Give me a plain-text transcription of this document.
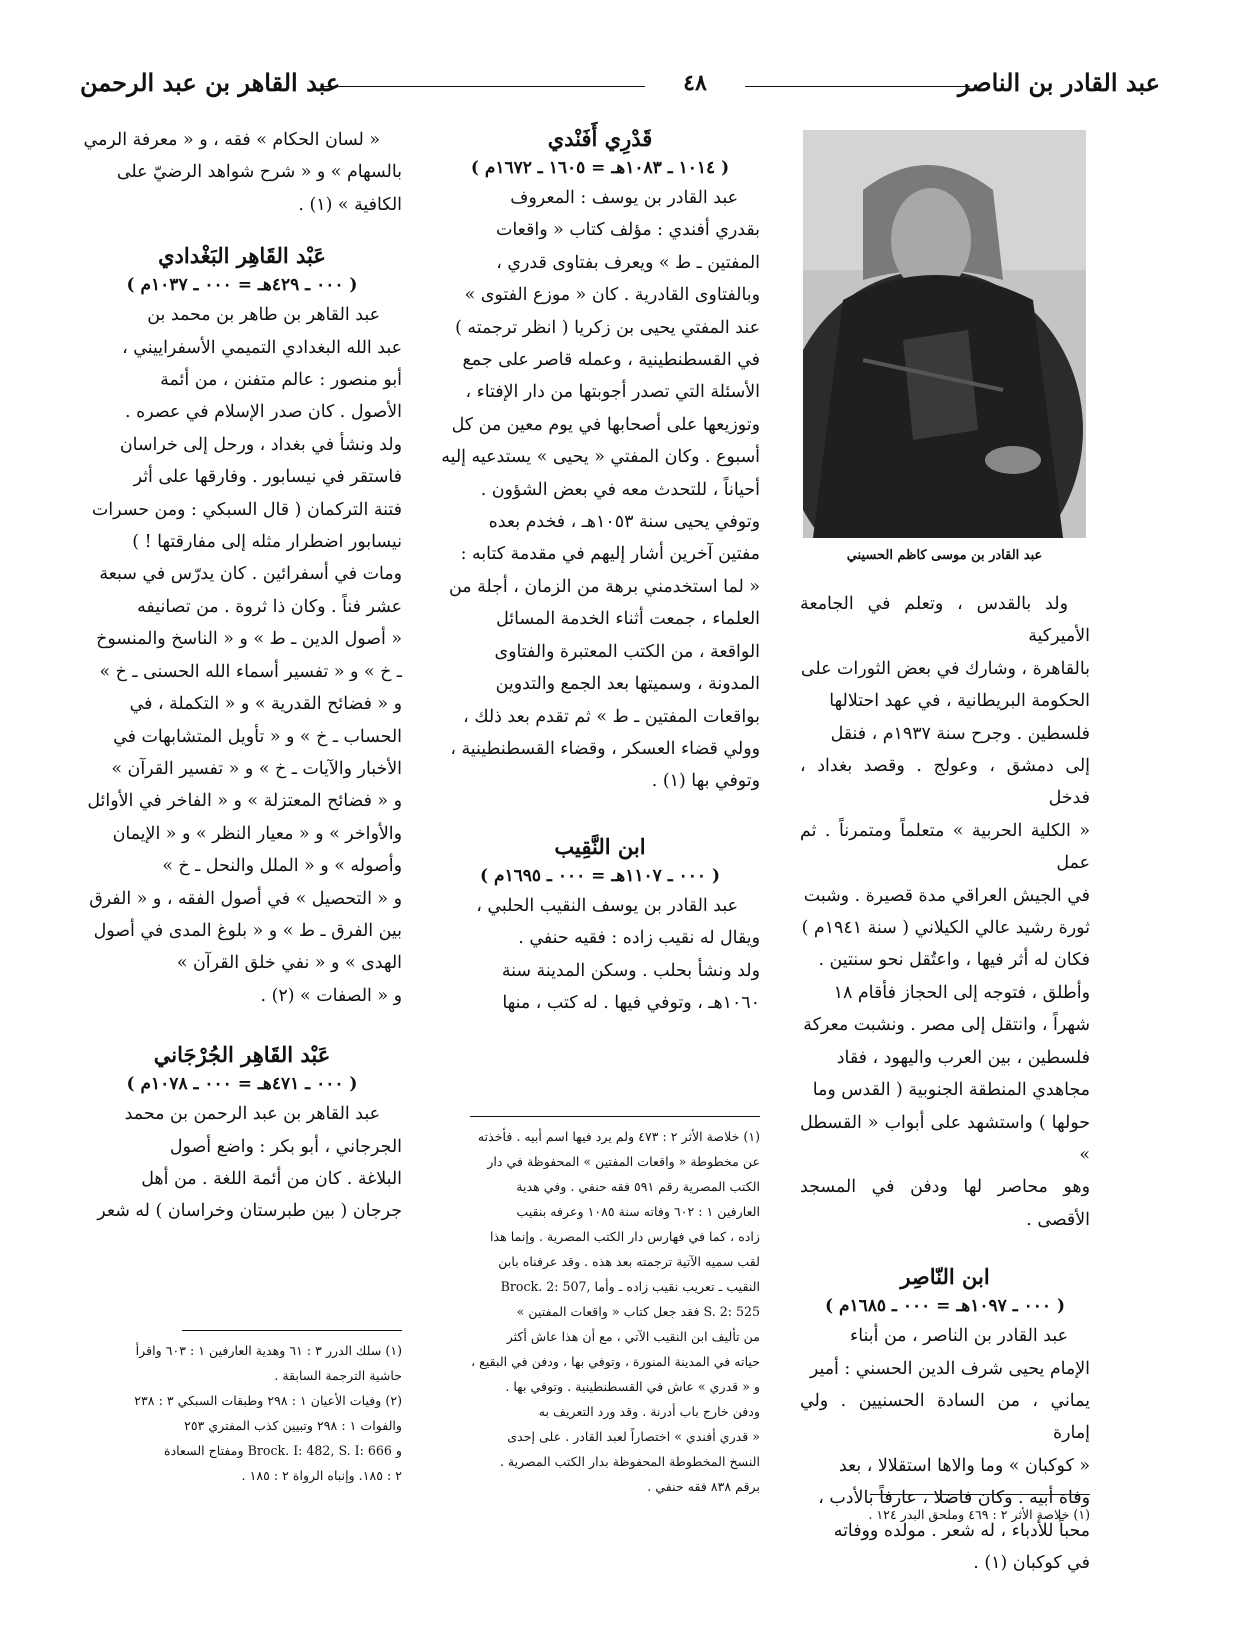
عبد القادر بن الناصر
٤٨
عبد القاهر بن عبد الرحمن
عبد القادر بن موسى كاظم الحسيني

ولد بالقدس ، وتعلم في الجامعة الأميركية

بالقاهرة ، وشارك في بعض الثورات على

الحكومة البريطانية ، في عهد احتلالها

فلسطين . وجرح سنة ١٩٣٧م ، فنقل

إلى دمشق ، وعولج . وقصد بغداد ، فدخل

« الكلية الحربية » متعلماً ومتمرناً . ثم عمل

في الجيش العراقي مدة قصيرة . وشبت

ثورة رشيد عالي الكيلاني ( سنة ١٩٤١م )

فكان له أثر فيها ، واعتُقل نحو سنتين .

وأطلق ، فتوجه إلى الحجاز فأقام ١٨

شهراً ، وانتقل إلى مصر . ونشبت معركة

فلسطين ، بين العرب واليهود ، فقاد

مجاهدي المنطقة الجنوبية ( القدس وما

حولها ) واستشهد على أبواب « القسطل »

وهو محاصر لها ودفن في المسجد الأقصى .

ابن النّاصِر

( ٠٠٠ ـ ١٠٩٧هـ = ٠٠٠ ـ ١٦٨٥م )

عبد القادر بن الناصر ، من أبناء

الإمام يحيى شرف الدين الحسني : أمير

يماني ، من السادة الحسنيين . ولي إمارة

« كوكبان » وما والاها استقلالا ، بعد

وفاة أبيه . وكان فاضلا ، عارفاً بالأدب ،

محباً للأدباء ، له شعر . مولده ووفاته

في كوكبان (١) .

(١) خلاصة الأثر ٢ : ٤٦٩ وملحق البدر ١٢٤ .

قَدْرِي أَفَنْدي

( ١٠١٤ ـ ١٠٨٣هـ = ١٦٠٥ ـ ١٦٧٢م )

عبد القادر بن يوسف : المعروف

بقدري أفندي : مؤلف كتاب « واقعات

المفتين ـ ط » ويعرف بفتاوى قدري ،

وبالفتاوى القادرية . كان « موزع الفتوى »

عند المفتي يحيى بن زكريا ( انظر ترجمته )

في القسطنطينية ، وعمله قاصر على جمع

الأسئلة التي تصدر أجوبتها من دار الإفتاء ،

وتوزيعها على أصحابها في يوم معين من كل

أسبوع . وكان المفتي « يحيى » يستدعيه إليه

أحياناً ، للتحدث معه في بعض الشؤون .

وتوفي يحيى سنة ١٠٥٣هـ ، فخدم بعده

مفتين آخرين أشار إليهم في مقدمة كتابه :

« لما استخدمني برهة من الزمان ، أجلة من

العلماء ، جمعت أثناء الخدمة المسائل

الواقعة ، من الكتب المعتبرة والفتاوى

المدونة ، وسميتها بعد الجمع والتدوين

بواقعات المفتين ـ ط » ثم تقدم بعد ذلك ،

وولي قضاء العسكر ، وقضاء القسطنطينية ،

وتوفي بها (١) .

ابن النَّقِيب

( ٠٠٠ ـ ١١٠٧هـ = ٠٠٠ ـ ١٦٩٥م )

عبد القادر بن يوسف النقيب الحلبي ،

ويقال له نقيب زاده : فقيه حنفي .

ولد ونشأ بحلب . وسكن المدينة سنة

١٠٦٠هـ ، وتوفي فيها . له كتب ، منها

(١) خلاصة الأثر ٢ : ٤٧٣ ولم يرد فيها اسم أبيه . فأخذته

عن مخطوطة « واقعات المفتين » المحفوظة في دار

الكتب المصرية رقم ٥٩١ فقه حنفي . وفي هدية

العارفين ١ : ٦٠٢ وفاته سنة ١٠٨٥ وعرفه بنقيب

زاده ، كما في فهارس دار الكتب المصرية . وإنما هذا

لقب سميه الآتية ترجمته بعد هذه . وقد عرفناه بابن

النقيب ـ تعريب نقيب زاده ـ وأما ,Brock. 2: 507

S. 2: 525 فقد جعل كتاب « واقعات المفتين »

من تأليف ابن النقيب الآتي ، مع أن هذا عاش أكثر

حياته في المدينة المنورة ، وتوفي بها ، ودفن في البقيع ،

و « قدري » عاش في القسطنطينية . وتوفي بها .

ودفن خارج باب أدرنة . وقد ورد التعريف به

« قدري أفندي » اختصاراً لعبد القادر . على إحدى

النسخ المخطوطة المحفوظة بدار الكتب المصرية .

برقم ٨٣٨ فقه حنفي .

« لسان الحكام » فقه ، و « معرفة الرمي

بالسهام » و « شرح شواهد الرضيّ على

الكافية » (١) .

عَبْد القَاهِر البَغْدادي

( ٠٠٠ ـ ٤٢٩هـ = ٠٠٠ ـ ١٠٣٧م )

عبد القاهر بن طاهر بن محمد بن

عبد الله البغدادي التميمي الأسفراييني ،

أبو منصور : عالم متفنن ، من أئمة

الأصول . كان صدر الإسلام في عصره .

ولد ونشأ في بغداد ، ورحل إلى خراسان

فاستقر في نيسابور . وفارقها على أثر

فتنة التركمان ( قال السبكي : ومن حسرات

نيسابور اضطرار مثله إلى مفارقتها ! )

ومات في أسفرائين . كان يدرّس في سبعة

عشر فناً . وكان ذا ثروة . من تصانيفه

« أصول الدين ـ ط » و « الناسخ والمنسوخ

ـ خ » و « تفسير أسماء الله الحسنى ـ خ »

و « فضائح القدرية » و « التكملة ، في

الحساب ـ خ » و « تأويل المتشابهات في

الأخبار والآيات ـ خ » و « تفسير القرآن »

و « فضائح المعتزلة » و « الفاخر في الأوائل

والأواخر » و « معيار النظر » و « الإيمان

وأصوله » و « الملل والنحل ـ خ »

و « التحصيل » في أصول الفقه ، و « الفرق

بين الفرق ـ ط » و « بلوغ المدى في أصول

الهدى » و « نفي خلق القرآن »

و « الصفات » (٢) .

عَبْد القَاهِر الجُرْجَاني

( ٠٠٠ ـ ٤٧١هـ = ٠٠٠ ـ ١٠٧٨م )

عبد القاهر بن عبد الرحمن بن محمد

الجرجاني ، أبو بكر : واضع أصول

البلاغة . كان من أئمة اللغة . من أهل

جرجان ( بين طبرستان وخراسان ) له شعر

(١) سلك الدرر ٣ : ٦١ وهدية العارفين ١ : ٦٠٣ واقرأ

حاشية الترجمة السابقة .

(٢) وفيات الأعيان ١ : ٢٩٨ وطبقات السبكي ٣ : ٢٣٨

والفوات ١ : ٢٩٨ وتبيين كذب المفتري ٢٥٣

و Brock. I: 482, S. I: 666 ومفتاح السعادة

٢ : ١٨٥. وإنباه الرواة ٢ : ١٨٥ .
